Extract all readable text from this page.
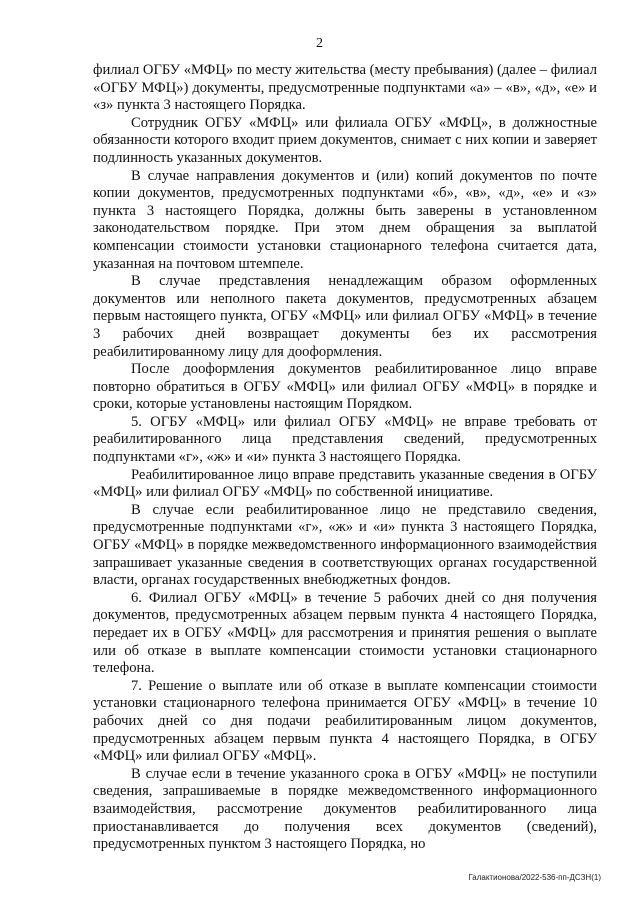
2

филиал ОГБУ «МФЦ» по месту жительства (месту пребывания) (далее – филиал «ОГБУ МФЦ») документы, предусмотренные подпунктами «а» – «в», «д», «е» и «з» пункта 3 настоящего Порядка.

Сотрудник ОГБУ «МФЦ» или филиала ОГБУ «МФЦ», в должностные обязанности которого входит прием документов, снимает с них копии и заверяет подлинность указанных документов.

В случае направления документов и (или) копий документов по почте копии документов, предусмотренных подпунктами «б», «в», «д», «е» и «з» пункта 3 настоящего Порядка, должны быть заверены в установленном законодательством порядке. При этом днем обращения за выплатой компенсации стоимости установки стационарного телефона считается дата, указанная на почтовом штемпеле.

В случае представления ненадлежащим образом оформленных документов или неполного пакета документов, предусмотренных абзацем первым настоящего пункта, ОГБУ «МФЦ» или филиал ОГБУ «МФЦ» в течение 3 рабочих дней возвращает документы без их рассмотрения реабилитированному лицу для дооформления.

После дооформления документов реабилитированное лицо вправе повторно обратиться в ОГБУ «МФЦ» или филиал ОГБУ «МФЦ» в порядке и сроки, которые установлены настоящим Порядком.

5. ОГБУ «МФЦ» или филиал ОГБУ «МФЦ» не вправе требовать от реабилитированного лица представления сведений, предусмотренных подпунктами «г», «ж» и «и» пункта 3 настоящего Порядка.

Реабилитированное лицо вправе представить указанные сведения в ОГБУ «МФЦ» или филиал ОГБУ «МФЦ» по собственной инициативе.

В случае если реабилитированное лицо не представило сведения, предусмотренные подпунктами «г», «ж» и «и» пункта 3 настоящего Порядка, ОГБУ «МФЦ» в порядке межведомственного информационного взаимодействия запрашивает указанные сведения в соответствующих органах государственной власти, органах государственных внебюджетных фондов.

6. Филиал ОГБУ «МФЦ» в течение 5 рабочих дней со дня получения документов, предусмотренных абзацем первым пункта 4 настоящего Порядка, передает их в ОГБУ «МФЦ» для рассмотрения и принятия решения о выплате или об отказе в выплате компенсации стоимости установки стационарного телефона.

7. Решение о выплате или об отказе в выплате компенсации стоимости установки стационарного телефона принимается ОГБУ «МФЦ» в течение 10 рабочих дней со дня подачи реабилитированным лицом документов, предусмотренных абзацем первым пункта 4 настоящего Порядка, в ОГБУ «МФЦ» или филиал ОГБУ «МФЦ».

В случае если в течение указанного срока в ОГБУ «МФЦ» не поступили сведения, запрашиваемые в порядке межведомственного информационного взаимодействия, рассмотрение документов реабилитированного лица приостанавливается до получения всех документов (сведений), предусмотренных пунктом 3 настоящего Порядка, но

Галактионова/2022-536-пп-ДСЗН(1)
